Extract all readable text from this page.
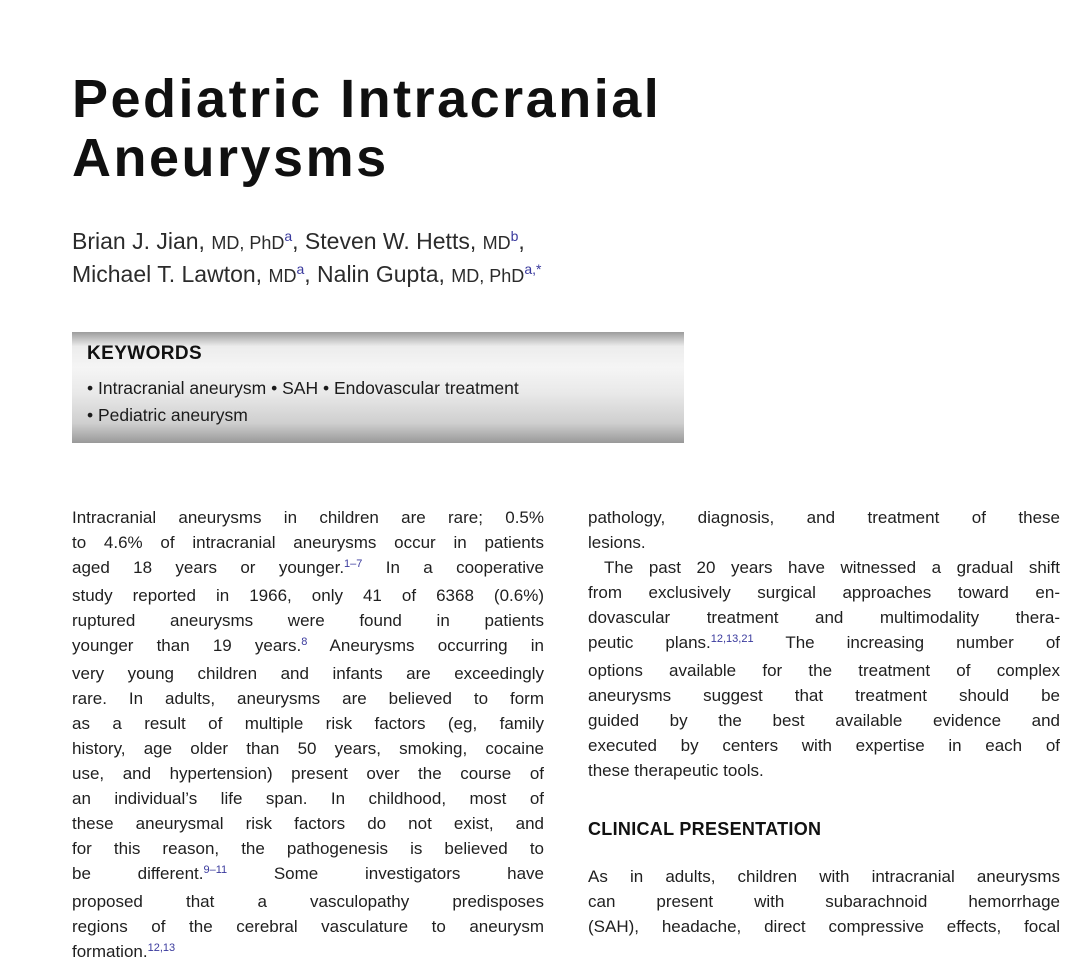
Pediatric Intracranial
Aneurysms
Brian J. Jian, MD, PhD$^a$, Steven W. Hetts, $MD^b$,
Michael T. Lawton, $MD^a$, Nalin Gupta, MD, PhD$^{a,*}$
KEYWORDS
• Intracranial aneurysm • SAH • Endovascular treatment
• Pediatric aneurysm
Intracranial aneurysms in children are rare; 0.5%
to 4.6% of intracranial aneurysms occur in patients
aged 18 years or younger.$^{1-7}$ In a cooperative
study reported in 1966, only 41 of 6368 (0.6%)
ruptured aneurysms were found in patients
younger than 19 years.$^8$ Aneurysms occurring in
very young children and infants are exceedingly
rare. In adults, aneurysms are believed to form
as a result of multiple risk factors (eg, family
history, age older than 50 years, smoking, cocaine
use, and hypertension) present over the course of
an individual’s life span. In childhood, most of
these aneurysmal risk factors do not exist, and
for this reason, the pathogenesis is believed to
be different.$^{9-11}$ Some investigators have
proposed that a vasculopathy predisposes
regions of the cerebral vasculature to aneurysm
formation.$^{12,13}$
pathology, diagnosis, and treatment of these
lesions.
The past 20 years have witnessed a gradual shift
from exclusively surgical approaches toward en-
dovascular treatment and multimodality thera-
peutic plans.$^{12,13,21}$ The increasing number of
options available for the treatment of complex
aneurysms suggest that treatment should be
guided by the best available evidence and
executed by centers with expertise in each of
these therapeutic tools.
CLINICAL PRESENTATION
As in adults, children with intracranial aneurysms
can present with subarachnoid hemorrhage
(SAH), headache, direct compressive effects, focal
